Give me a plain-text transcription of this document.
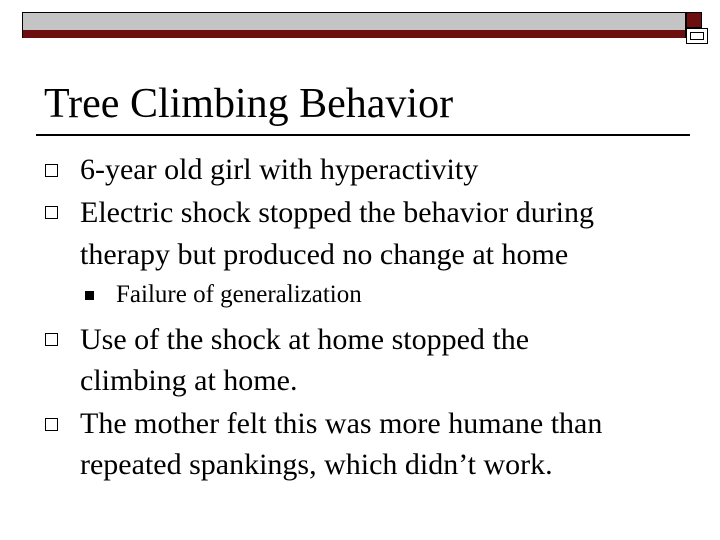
Tree Climbing Behavior
6-year old girl with hyperactivity
Electric shock stopped the behavior during
therapy but produced no change at home
Failure of generalization
Use of the shock at home stopped the
climbing at home.
The mother felt this was more humane than
repeated spankings, which didn’t work.
